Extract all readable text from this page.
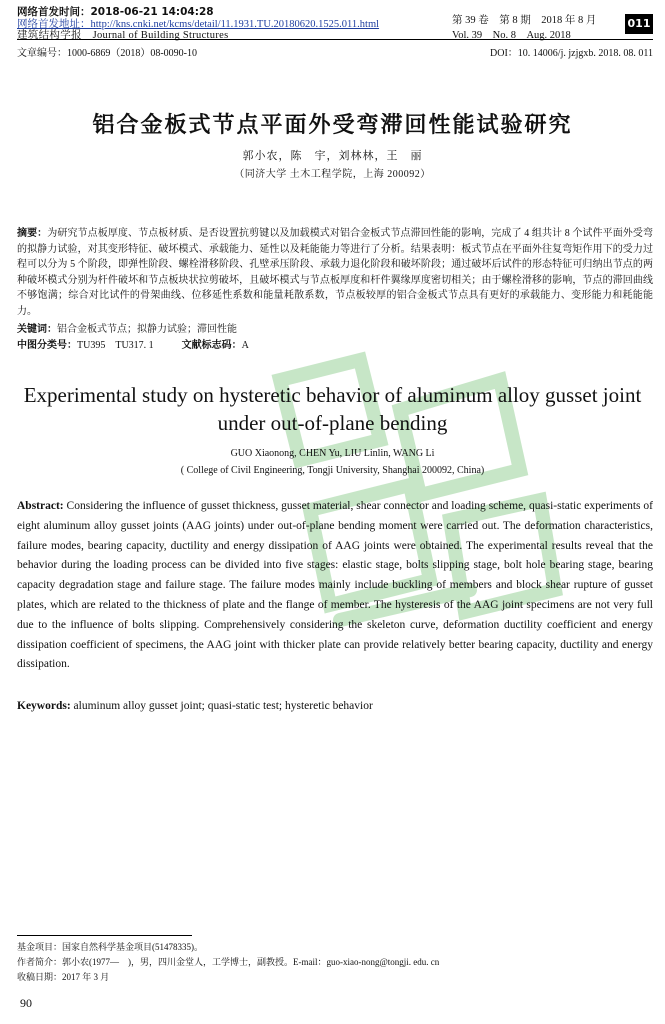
网络首发时间：2018-06-21 14:04:28
网络首发地址：http://kns.cnki.net/kcms/detail/11.1931.TU.20180620.1525.011.html
建筑结构学报　Journal of Building Structures
第 39 卷　第 8 期　2018 年 8 月
Vol. 39　No. 8　Aug. 2018
011
文章编号：1000-6869（2018）08-0090-10	DOI：10. 14006/j. jzjgxb. 2018. 08. 011
铝合金板式节点平面外受弯滞回性能试验研究
郭小农，陈　宇，刘林林，王　丽
（同济大学 土木工程学院，上海 200092）
摘要：为研究节点板厚度、节点板材质、是否设置抗剪键以及加载模式对铝合金板式节点滞回性能的影响，完成了 4 组共计 8 个试件平面外受弯的拟静力试验，对其变形特征、破坏模式、承载能力、延性以及耗能能力等进行了分析。结果表明：板式节点在平面外往复弯矩作用下的受力过程可以分为 5 个阶段，即弹性阶段、螺栓滑移阶段、孔壁承压阶段、承载力退化阶段和破坏阶段；通过破坏后试件的形态特征可归纳出节点的两种破坏模式分别为杆件破坏和节点板块状拉剪破坏，且破坏模式与节点板厚度和杆件翼缘厚度密切相关；由于螺栓滑移的影响，节点的滞回曲线不够饱满；综合对比试件的骨架曲线、位移延性系数和能量耗散系数，节点板较厚的铝合金板式节点具有更好的承载能力、变形能力和耗能能力。
关键词：铝合金板式节点；拟静力试验；滞回性能
中图分类号：TU395　TU317. 1	文献标志码：A
Experimental study on hysteretic behavior of aluminum alloy gusset joint under out-of-plane bending
GUO Xiaonong, CHEN Yu, LIU Linlin, WANG Li
( College of Civil Engineering, Tongji University, Shanghai 200092, China)
Abstract: Considering the influence of gusset thickness, gusset material, shear connector and loading scheme, quasi-static experiments of eight aluminum alloy gusset joints (AAG joints) under out-of-plane bending moment were carried out. The deformation characteristics, failure modes, bearing capacity, ductility and energy dissipation of AAG joints were obtained. The experimental results reveal that the behavior during the loading process can be divided into five stages: elastic stage, bolts slipping stage, bolt hole bearing stage, bearing capacity degradation stage and failure stage. The failure modes mainly include buckling of members and block shear rupture of gusset plates, which are related to the thickness of plate and the flange of member. The hysteresis of the AAG joint specimens are not very full due to the influence of bolts slipping. Comprehensively considering the skeleton curve, deformation ductility coefficient and energy dissipation coefficient of specimens, the AAG joint with thicker plate can provide relatively better bearing capacity, ductility and energy dissipation.
Keywords: aluminum alloy gusset joint; quasi-static test; hysteretic behavior
基金项目：国家自然科学基金项目(51478335)。
作者简介：郭小农(1977—　)，男，四川金堂人，工学博士，副教授。E-mail：guo-xiao-nong@tongji. edu. cn
收稿日期：2017 年 3 月
90
